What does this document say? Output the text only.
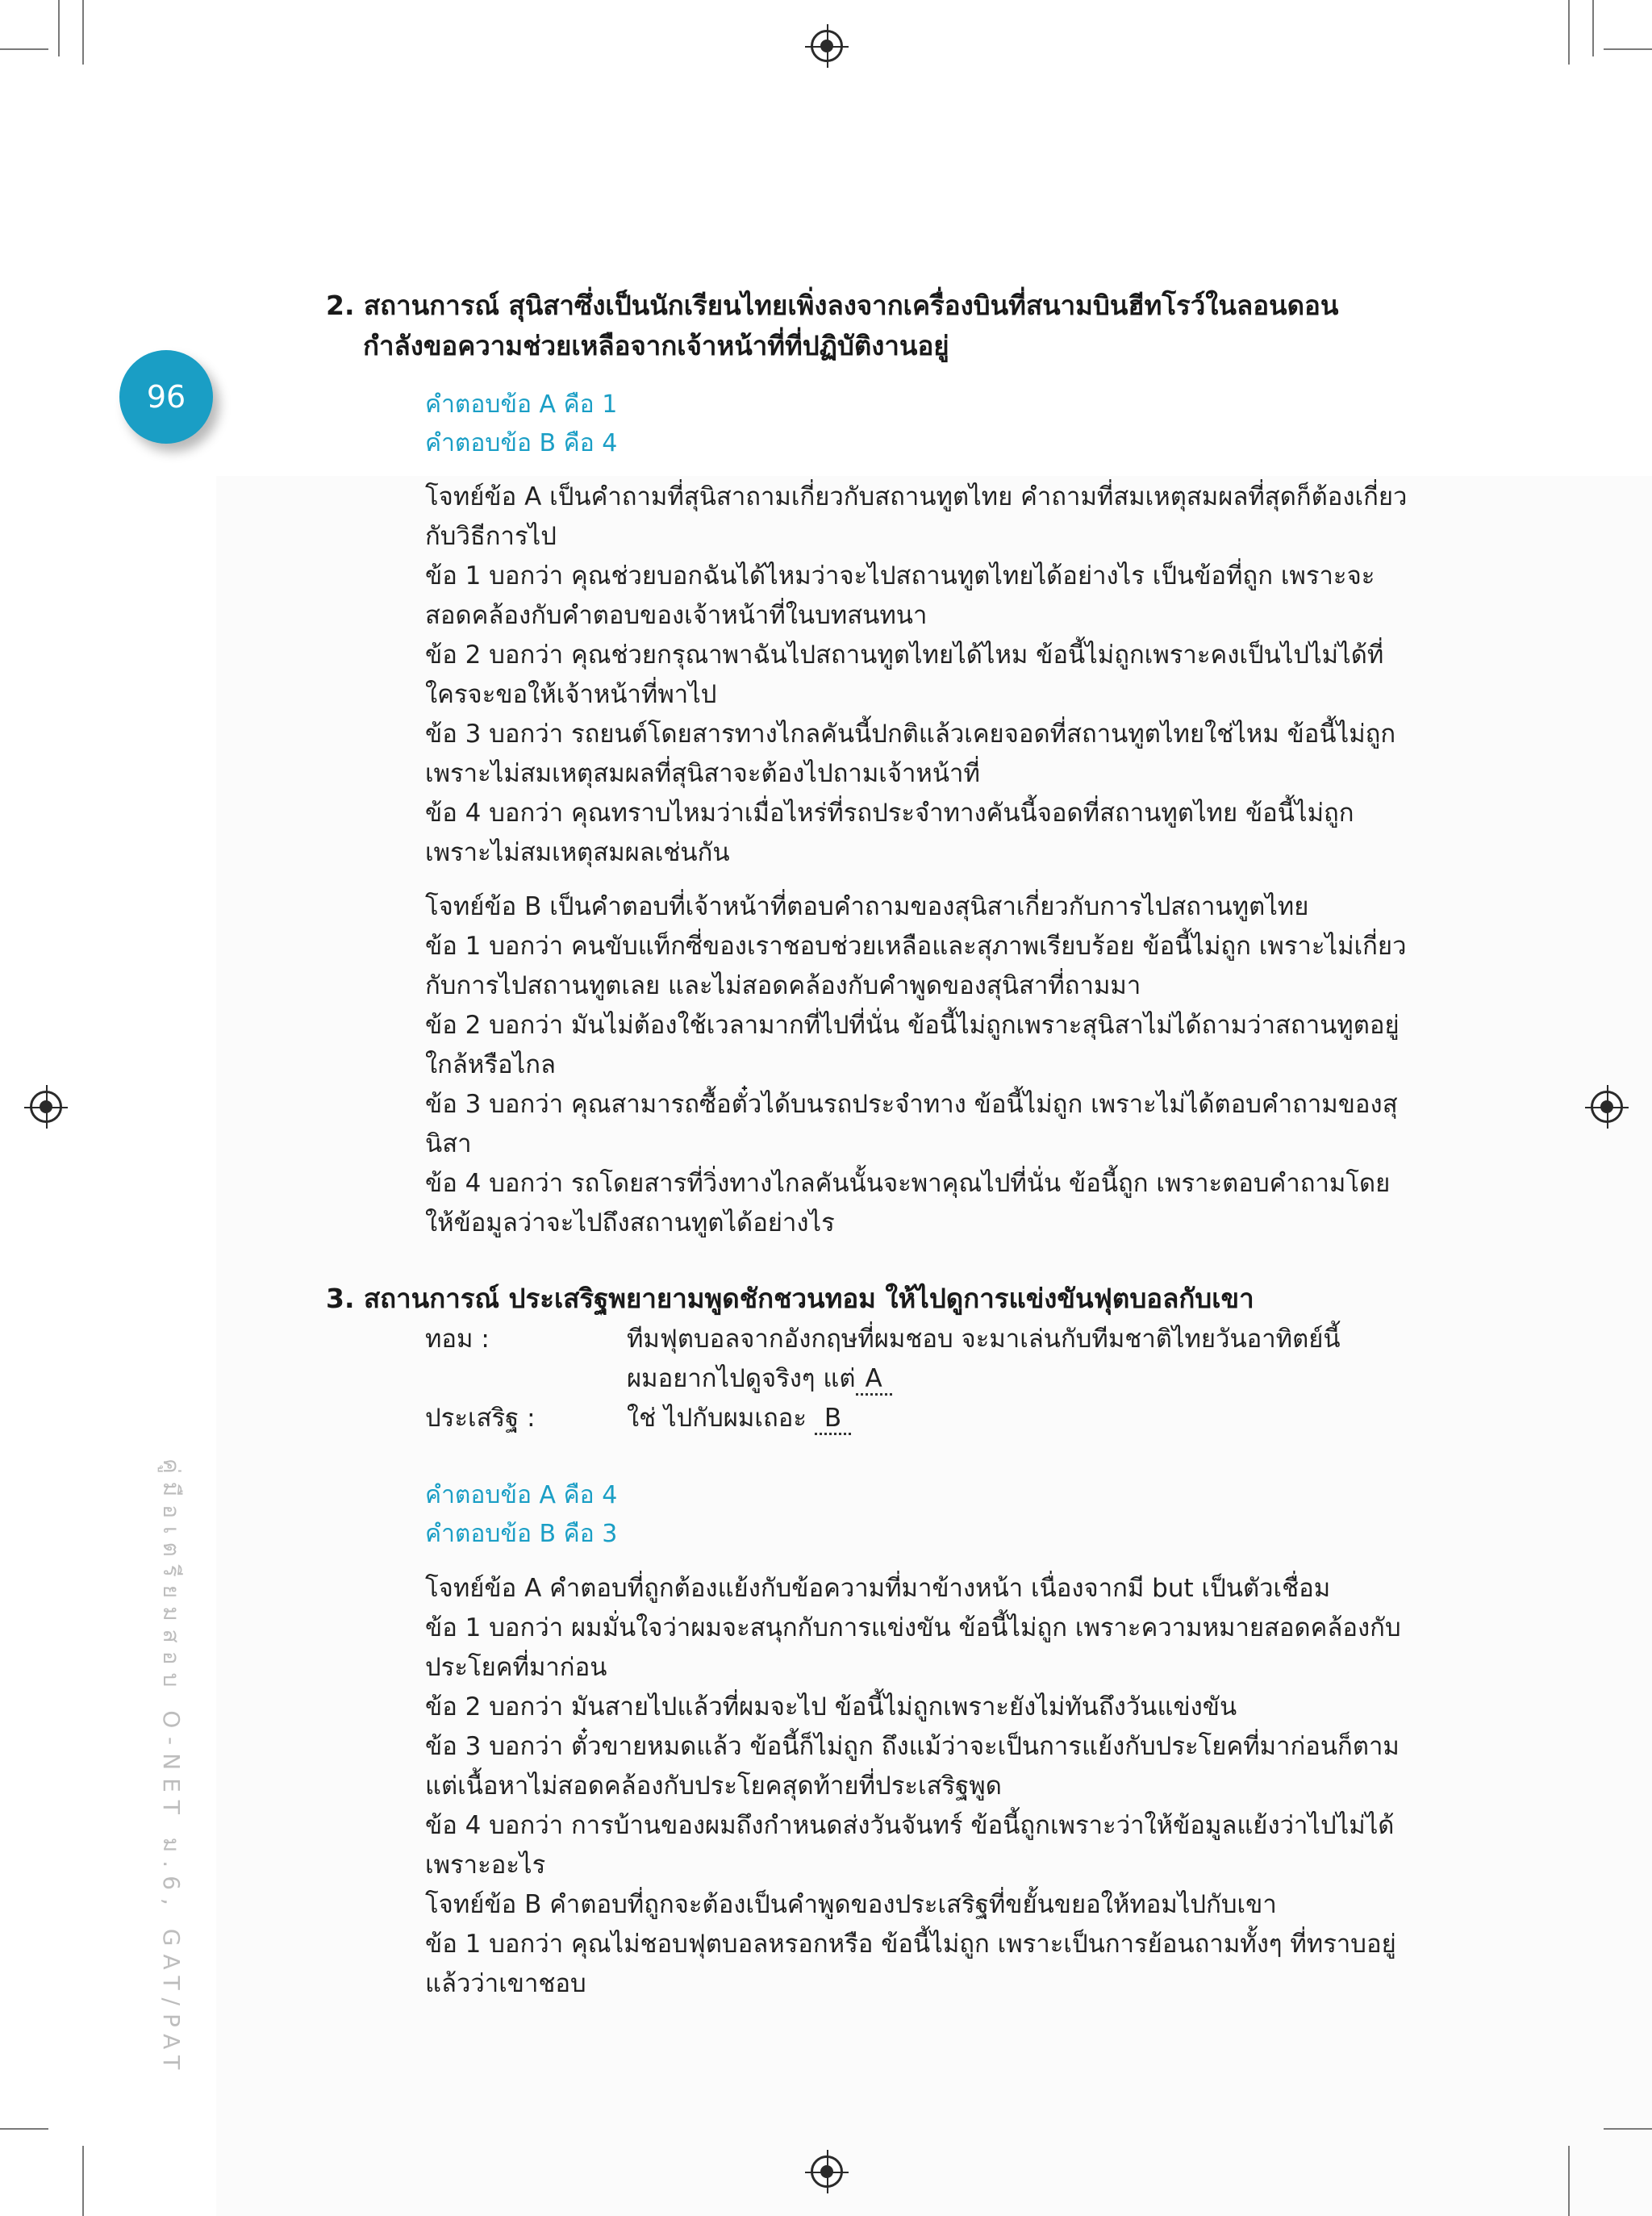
96
คู่มือเตรียมสอบ O-NET ม.6, GAT/PAT
2. สถานการณ์ สุนิสาซึ่งเป็นนักเรียนไทยเพิ่งลงจากเครื่องบินที่สนามบินฮีทโรว์ในลอนดอน
กำลังขอความช่วยเหลือจากเจ้าหน้าที่ที่ปฏิบัติงานอยู่
คำตอบข้อ A คือ 1
คำตอบข้อ B คือ 4

โจทย์ข้อ A เป็นคำถามที่สุนิสาถามเกี่ยวกับสถานทูตไทย คำถามที่สมเหตุสมผลที่สุดก็ต้องเกี่ยวกับวิธีการไป

ข้อ 1 บอกว่า คุณช่วยบอกฉันได้ไหมว่าจะไปสถานทูตไทยได้อย่างไร เป็นข้อที่ถูก เพราะจะสอดคล้องกับคำตอบของเจ้าหน้าที่ในบทสนทนา

ข้อ 2 บอกว่า คุณช่วยกรุณาพาฉันไปสถานทูตไทยได้ไหม ข้อนี้ไม่ถูกเพราะคงเป็นไปไม่ได้ที่ใครจะขอให้เจ้าหน้าที่พาไป

ข้อ 3 บอกว่า รถยนต์โดยสารทางไกลคันนี้ปกติแล้วเคยจอดที่สถานทูตไทยใช่ไหม ข้อนี้ไม่ถูก เพราะไม่สมเหตุสมผลที่สุนิสาจะต้องไปถามเจ้าหน้าที่

ข้อ 4 บอกว่า คุณทราบไหมว่าเมื่อไหร่ที่รถประจำทางคันนี้จอดที่สถานทูตไทย ข้อนี้ไม่ถูก เพราะไม่สมเหตุสมผลเช่นกัน

โจทย์ข้อ B เป็นคำตอบที่เจ้าหน้าที่ตอบคำถามของสุนิสาเกี่ยวกับการไปสถานทูตไทย

ข้อ 1 บอกว่า คนขับแท็กซี่ของเราชอบช่วยเหลือและสุภาพเรียบร้อย ข้อนี้ไม่ถูก เพราะไม่เกี่ยวกับการไปสถานทูตเลย และไม่สอดคล้องกับคำพูดของสุนิสาที่ถามมา

ข้อ 2 บอกว่า มันไม่ต้องใช้เวลามากที่ไปที่นั่น ข้อนี้ไม่ถูกเพราะสุนิสาไม่ได้ถามว่าสถานทูตอยู่ใกล้หรือไกล

ข้อ 3 บอกว่า คุณสามารถซื้อตั๋วได้บนรถประจำทาง ข้อนี้ไม่ถูก เพราะไม่ได้ตอบคำถามของสุนิสา

ข้อ 4 บอกว่า รถโดยสารที่วิ่งทางไกลคันนั้นจะพาคุณไปที่นั่น ข้อนี้ถูก เพราะตอบคำถามโดยให้ข้อมูลว่าจะไปถึงสถานทูตได้อย่างไร

3. สถานการณ์ ประเสริฐพยายามพูดชักชวนทอม ให้ไปดูการแข่งขันฟุตบอลกับเขา
ทอม :	ทีมฟุตบอลจากอังกฤษที่ผมชอบ จะมาเล่นกับทีมชาติไทยวันอาทิตย์นี้
ผมอยากไปดูจริงๆ แต่ A
ประเสริฐ :	ใช่ ไปกับผมเถอะ B
คำตอบข้อ A คือ 4
คำตอบข้อ B คือ 3

โจทย์ข้อ A คำตอบที่ถูกต้องแย้งกับข้อความที่มาข้างหน้า เนื่องจากมี but เป็นตัวเชื่อม

ข้อ 1 บอกว่า ผมมั่นใจว่าผมจะสนุกกับการแข่งขัน ข้อนี้ไม่ถูก เพราะความหมายสอดคล้องกับประโยคที่มาก่อน

ข้อ 2 บอกว่า มันสายไปแล้วที่ผมจะไป ข้อนี้ไม่ถูกเพราะยังไม่ทันถึงวันแข่งขัน

ข้อ 3 บอกว่า ตั๋วขายหมดแล้ว ข้อนี้ก็ไม่ถูก ถึงแม้ว่าจะเป็นการแย้งกับประโยคที่มาก่อนก็ตาม แต่เนื้อหาไม่สอดคล้องกับประโยคสุดท้ายที่ประเสริฐพูด

ข้อ 4 บอกว่า การบ้านของผมถึงกำหนดส่งวันจันทร์ ข้อนี้ถูกเพราะว่าให้ข้อมูลแย้งว่าไปไม่ได้เพราะอะไร

โจทย์ข้อ B คำตอบที่ถูกจะต้องเป็นคำพูดของประเสริฐที่ขยั้นขยอให้ทอมไปกับเขา

ข้อ 1 บอกว่า คุณไม่ชอบฟุตบอลหรอกหรือ ข้อนี้ไม่ถูก เพราะเป็นการย้อนถามทั้งๆ ที่ทราบอยู่แล้วว่าเขาชอบ
